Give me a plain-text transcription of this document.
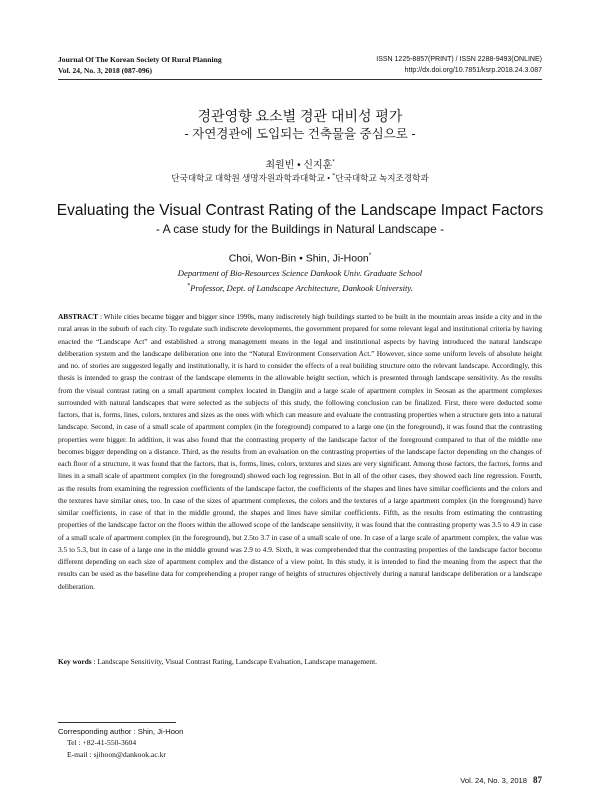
Journal Of The Korean Society Of Rural Planning
Vol. 24, No. 3, 2018 (087-096)
ISSN 1225-8857(PRINT) / ISSN 2288-9493(ONLINE)
http://dx.doi.org/10.7851/ksrp.2018.24.3.087
경관영향 요소별 경관 대비성 평가
- 자연경관에 도입되는 건축물을 중심으로 -
최원빈 • 신지훈*
단국대학교 대학원 생명자원과학과대학교 • *단국대학교 녹지조경학과
Evaluating the Visual Contrast Rating of the Landscape Impact Factors
- A case study for the Buildings in Natural Landscape -
Choi, Won-Bin • Shin, Ji-Hoon*
Department of Bio-Resources Science Dankook Univ. Graduate School
*Professor, Dept. of Landscape Architecture, Dankook University.
ABSTRACT : While cities became bigger and bigger since 1990s, many indiscretely high buildings started to be built in the mountain areas inside a city and in the rural areas in the suburb of each city. To regulate such indiscrete developments, the government prepared for some relevant legal and institutional criteria by having enacted the “Landscape Act” and established a strong management means in the legal and institutional aspects by having introduced the natural landscape deliberation system and the landscape deliberation one into the “Natural Environment Conservation Act.” However, since some uniform levels of absolute height and no. of stories are suggested legally and institutionally, it is hard to consider the effects of a real building structure onto the relevant landscape. Accordingly, this thesis is intended to grasp the contrast of the landscape elements in the allowable height section, which is presented through landscape sensitivity. As the results from the visual contrast rating on a small apartment complex located in Dangjin and a large scale of apartment complex in Seosan as the apartment complexes surrounded with natural landscapes that were selected as the subjects of this study, the following conclusion can be finalized. First, there were deducted some factors, that is, forms, lines, colors, textures and sizes as the ones with which can measure and evaluate the contrasting properties when a structure gets into a natural landscape. Second, in case of a small scale of apartment complex (in the foreground) compared to a large one (in the foreground), it was found that the contrasting properties were bigger. In addition, it was also found that the contrasting property of the landscape factor of the foreground compared to that of the middle one becomes bigger depending on a distance. Third, as the results from an evaluation on the contrasting properties of the landscape factor depending on the changes of each floor of a structure, it was found that the factors, that is, forms, lines, colors, textures and sizes are very significant. Among those factors, the factors, forms and lines in a small scale of apartment complex (in the foreground) showed each log regression. But in all of the other cases, they showed each line regression. Fourth, as the results from examining the regression coefficients of the landscape factor, the coefficients of the shapes and lines have similar coefficients and the colors and the textures have similar ones, too. In case of the sizes of apartment complexes, the colors and the textures of a large apartment complex (in the foreground) have similar coefficients, in case of that in the middle ground, the shapes and lines have similar coefficients. Fifth, as the results from estimating the contrasting properties of the landscape factor on the floors within the allowed scope of the landscape sensitivity, it was found that the contrasting property was 3.5 to 4.9 in case of a small scale of apartment complex (in the foreground), but 2.5to 3.7 in case of a small scale of one. In case of a large scale of apartment complex, the value was 3.5 to 5.3, but in case of a large one in the middle ground was 2.9 to 4.9. Sixth, it was comprehended that the contrasting properties of the landscape factor become different depending on each size of apartment complex and the distance of a view point. In this study, it is intended to find the meaning from the aspect that the results can be used as the baseline data for comprehending a proper range of heights of structures objectively during a natural landscape deliberation or a landscape deliberation.
Key words : Landscape Sensitivity, Visual Contrast Rating, Landscape Evaluation, Landscape management.
Corresponding author : Shin, Ji-Hoon
Tel : +82-41-550-3604
E-mail : sjihoon@dankook.ac.kr
Vol. 24, No. 3, 2018 87
